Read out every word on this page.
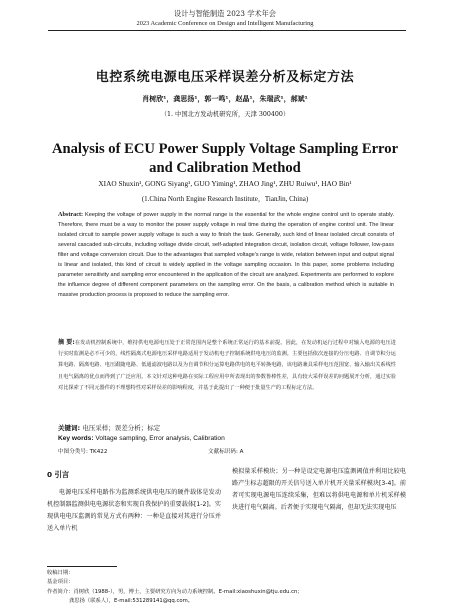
设计与智能制造 2023 学术年会
2023 Academic Conference on Design and Intelligent Manufacturing
电控系统电源电压采样误差分析及标定方法
肖树欣¹，龚思扬¹，郭一鸣¹，赵晶¹，朱瑞武¹，郝斌¹
（1. 中国北方发动机研究所，天津 300400）
Analysis of ECU Power Supply Voltage Sampling Error
and Calibration Method
XIAO Shuxin¹, GONG Siyang¹, GUO Yiming¹, ZHAO Jing¹, ZHU Ruiwu¹, HAO Bin¹
(1.China North Engine Research Institute，TianJin, China)
Abstract: Keeping the voltage of power supply in the normal range is the essential for the whole engine control unit to operate stably. Therefore, there must be a way to monitor the power supply voltage in real time during the operation of engine control unit. The linear isolated circuit to sample power supply voltage is such a way to finish the task. Generally, such kind of linear isolated circuit consists of several cascaded sub-circuits, including voltage divide circuit, self-adapted integration circuit, isolation circuit, voltage follower, low-pass filter and voltage conversion circuit. Due to the advantages that sampled voltage's range is wide, relation between input and output signal is linear and isolated, this kind of circuit is widely applied in the voltage sampling occasion. In this paper, some problems including parameter sensitivity and sampling error encountered in the application of the circuit are analyzed. Experiments are performed to explore the influence degree of different component parameters on the sampling error. On the basis, a calibration method which is suitable in massive production process is proposed to reduce the sampling error.
摘 要:在发动机控制系统中，维持供电电源电压处于正常范围内是整个系统正常运行的基本前提。因此，在发动机运行过程中对输入电源的电压进行实时监测是必不可少的，线性隔离式电源电压采样电路适用于发动机电子控制系统供电电压的监测。主要包括依次连接的分压电路、自调节积分运算电路、隔离电路、电压跟随电路、低通滤波电路以及为自调节积分运算电路供电的电平转换电路，该电路兼具采样电压范围宽、输入输出关系线性且电气隔离的优点而得到了广泛应用。本文针对这种电路在实际工程应用中所表现出的参数鲁棒性差，具有较大采样误差的问题展开分析，通过实验对比探索了不同元器件的不理想特性对采样误差的影响程度，并基于此提出了一种便于批量生产的工程标定方法。
关键词: 电压采样；误差分析；标定
Key words: Voltage sampling, Error analysis, Calibration
中图分类号: TK422	文献标识码: A
0 引言
电源电压采样电路作为监测系统供电电压的硬件载体是发动机控制器监测供电电源状态和实现自我保护的重要载体[1-2]。实现供电电压监测的常见方式有两种：一种是直接对其进行分压并送入单片机
模拟量采样模块；另一种是设定电源电压监测阈值并利用比较电路产生标志超限的开关信号送入单片机开关量采样模块[3-4]。前者可实现电源电压连续采集，但难以将供电电源和单片机采样模块进行电气隔离。后者便于实现电气隔离，但却无法实现电压
收稿日期：
基金项目：
作者简介：肖树欣（1988-），男，博士，主要研究方向为动力系统控制。E-mail:xiaoshuxin@tju.edu.cn；
龚思扬（联系人），E-mail:531289141@qq.com。
